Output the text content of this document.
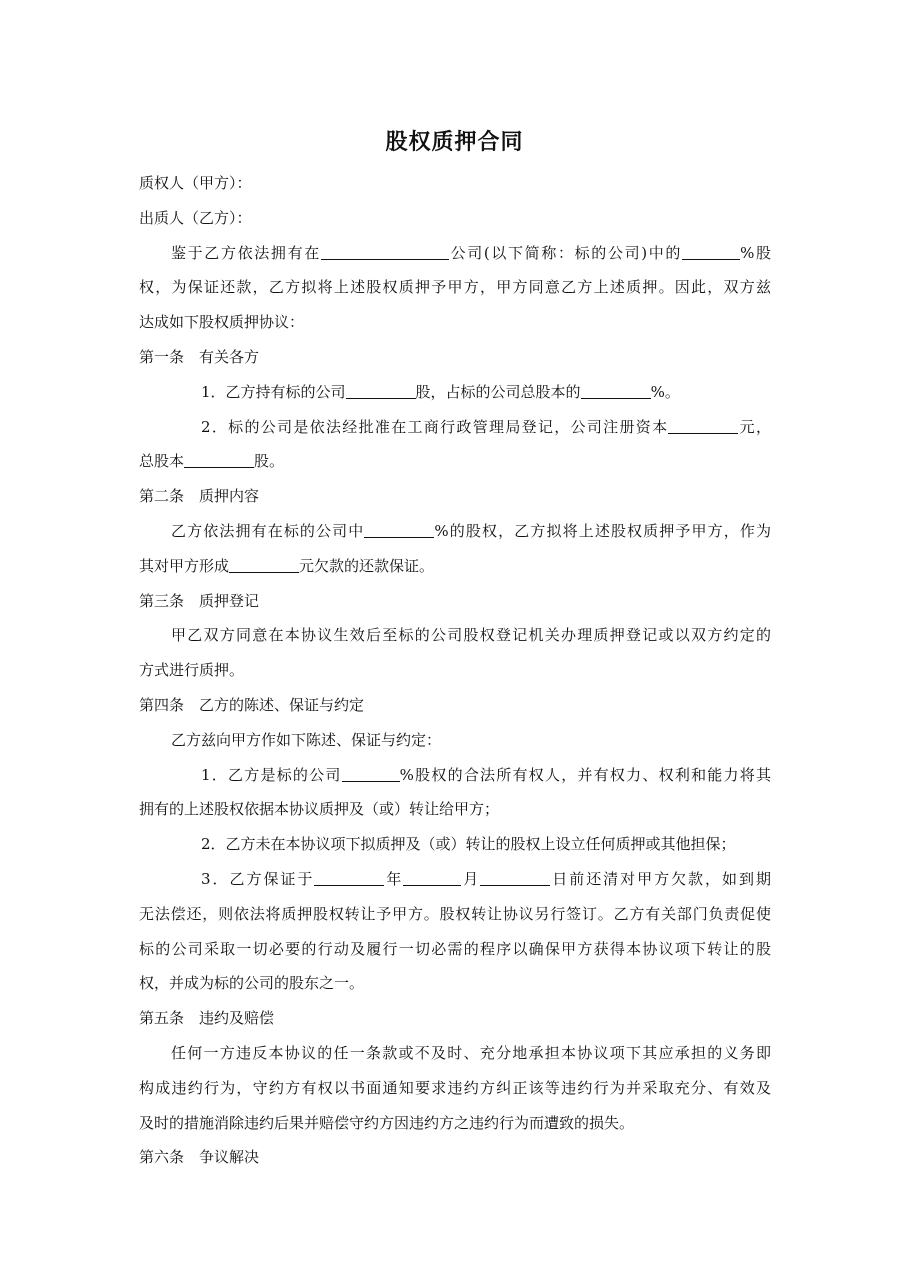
股权质押合同
质权人（甲方）：
出质人（乙方）：
鉴于乙方依法拥有在	公司(以下简称：标的公司)中的	%股
权，为保证还款，乙方拟将上述股权质押予甲方，甲方同意乙方上述质押。因此，双方兹
达成如下股权质押协议：
第一条　有关各方
1．乙方持有标的公司	股，占标的公司总股本的	%。
2．标的公司是依法经批准在工商行政管理局登记，公司注册资本	元，
总股本	股。
第二条　质押内容
乙方依法拥有在标的公司中	%的股权，乙方拟将上述股权质押予甲方，作为
其对甲方形成	元欠款的还款保证。
第三条　质押登记
甲乙双方同意在本协议生效后至标的公司股权登记机关办理质押登记或以双方约定的
方式进行质押。
第四条　乙方的陈述、保证与约定
乙方兹向甲方作如下陈述、保证与约定：
1．乙方是标的公司	%股权的合法所有权人，并有权力、权利和能力将其
拥有的上述股权依据本协议质押及（或）转让给甲方；
2．乙方未在本协议项下拟质押及（或）转让的股权上设立任何质押或其他担保；
3．乙方保证于	年	月	日前还清对甲方欠款，如到期
无法偿还，则依法将质押股权转让予甲方。股权转让协议另行签订。乙方有关部门负责促使
标的公司采取一切必要的行动及履行一切必需的程序以确保甲方获得本协议项下转让的股
权，并成为标的公司的股东之一。
第五条　违约及赔偿
任何一方违反本协议的任一条款或不及时、充分地承担本协议项下其应承担的义务即
构成违约行为，守约方有权以书面通知要求违约方纠正该等违约行为并采取充分、有效及
及时的措施消除违约后果并赔偿守约方因违约方之违约行为而遭致的损失。
第六条　争议解决
